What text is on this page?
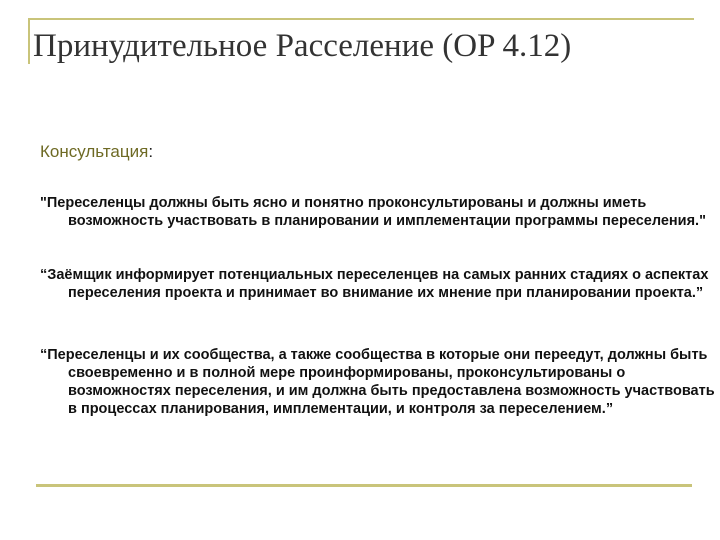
Принудительное Расселение (OP 4.12)
Консультация:

"Переселенцы должны быть ясно и понятно проконсультированы и должны иметь возможность участвовать в планировании и имплементации программы переселения."

“Заёмщик информирует потенциальных переселенцев на самых ранних стадиях о аспектах переселения проекта и принимает во внимание их мнение при планировании проекта.”

“Переселенцы и их сообщества, а также сообщества в которые они переедут, должны быть своевременно и в полной мере проинформированы, проконсультированы о возможностях переселения, и им должна быть предоставлена возможность участвовать в процессах планирования, имплементации, и контроля за переселением.”
